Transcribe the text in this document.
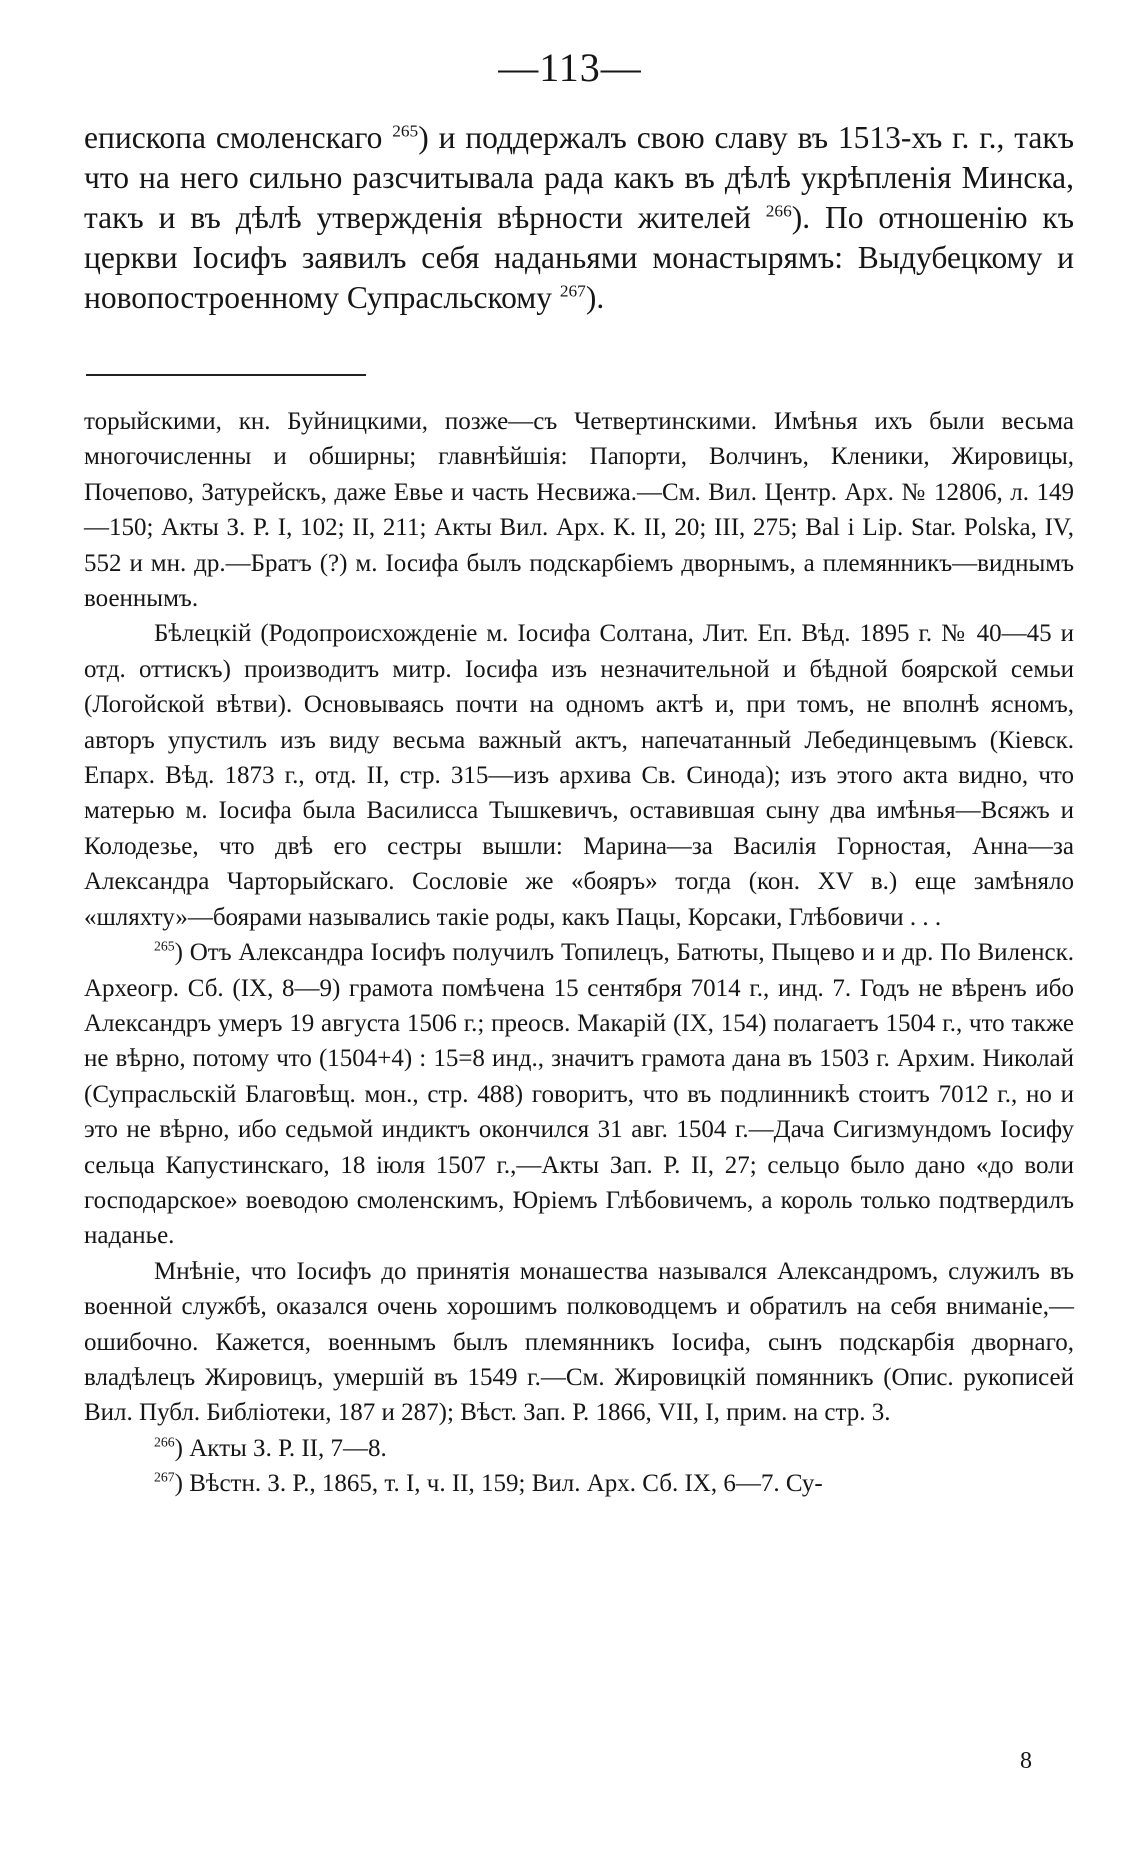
—113—
епископа смоленскаго $^{265}$) и поддержалъ свою славу въ 1513-хъ г. г., такъ что на него сильно разсчитывала рада какъ въ дѣлѣ укрѣпленія Минска, такъ и въ дѣлѣ утвержденія вѣрности жителей $^{266}$). По отношенію къ церкви Іосифъ заявилъ себя наданьями монастырямъ: Выдубецкому и новопостроенному Супрасльскому $^{267}$).

торыйскими, кн. Буйницкими, позже—съ Четвертинскими. Имѣнья ихъ были весьма многочисленны и обширны; главнѣйшія: Папорти, Волчинъ, Кленики, Жировицы, Почепово, Затурейскъ, даже Евье и часть Несвижа.—См. Вил. Центр. Арх. № 12806, л. 149—150; Акты З. Р. I, 102; II, 211; Акты Вил. Арх. К. II, 20; III, 275; Bal i Lip. Star. Polska, IV, 552 и мн. др.—Братъ (?) м. Іосифа былъ подскарбіемъ дворнымъ, а племянникъ—виднымъ военнымъ.

Бѣлецкій (Родопроисхожденіе м. Іосифа Солтана, Лит. Еп. Вѣд. 1895 г. № 40—45 и отд. оттискъ) производитъ митр. Іосифа изъ незначительной и бѣдной боярской семьи (Логойской вѣтви). Основываясь почти на одномъ актѣ и, при томъ, не вполнѣ ясномъ, авторъ упустилъ изъ виду весьма важный актъ, напечатанный Лебединцевымъ (Кіевск. Епарх. Вѣд. 1873 г., отд. II, стр. 315—изъ архива Св. Синода); изъ этого акта видно, что матерью м. Іосифа была Василисса Тышкевичъ, оставившая сыну два имѣнья—Всяжъ и Колодезье, что двѣ его сестры вышли: Марина—за Василія Горностая, Анна—за Александра Чарторыйскаго. Сословіе же «бояръ» тогда (кон. XV в.) еще замѣняло «шляхту»—боярами назывались такіе роды, какъ Пацы, Корсаки, Глѣбовичи . . .

$^{265}$) Отъ Александра Іосифъ получилъ Топилецъ, Батюты, Пыцево и и др. По Виленск. Археогр. Сб. (IX, 8—9) грамота помѣчена 15 сентября 7014 г., инд. 7. Годъ не вѣренъ ибо Александръ умеръ 19 августа 1506 г.; преосв. Макарій (IX, 154) полагаетъ 1504 г., что также не вѣрно, потому что (1504+4) : 15=8 инд., значитъ грамота дана въ 1503 г. Архим. Николай (Супрасльскій Благовѣщ. мон., стр. 488) говоритъ, что въ подлинникѣ стоитъ 7012 г., но и это не вѣрно, ибо седьмой индиктъ окончился 31 авг. 1504 г.—Дача Сигизмундомъ Іосифу сельца Капустинскаго, 18 іюля 1507 г.,—Акты Зап. Р. II, 27; сельцо было дано «до воли господарское» воеводою смоленскимъ, Юріемъ Глѣбовичемъ, а король только подтвердилъ наданье.

Мнѣніе, что Іосифъ до принятія монашества назывался Александромъ, служилъ въ военной службѣ, оказался очень хорошимъ полководцемъ и обратилъ на себя вниманіе,—ошибочно. Кажется, военнымъ былъ племянникъ Іосифа, сынъ подскарбія дворнаго, владѣлецъ Жировицъ, умершій въ 1549 г.—См. Жировицкій помянникъ (Опис. рукописей Вил. Публ. Библіотеки, 187 и 287); Вѣст. Зап. Р. 1866, VII, I, прим. на стр. 3.

$^{266}$) Акты З. Р. II, 7—8.

$^{267}$) Вѣстн. З. Р., 1865, т. I, ч. II, 159; Вил. Арх. Сб. IX, 6—7. Су-

8
